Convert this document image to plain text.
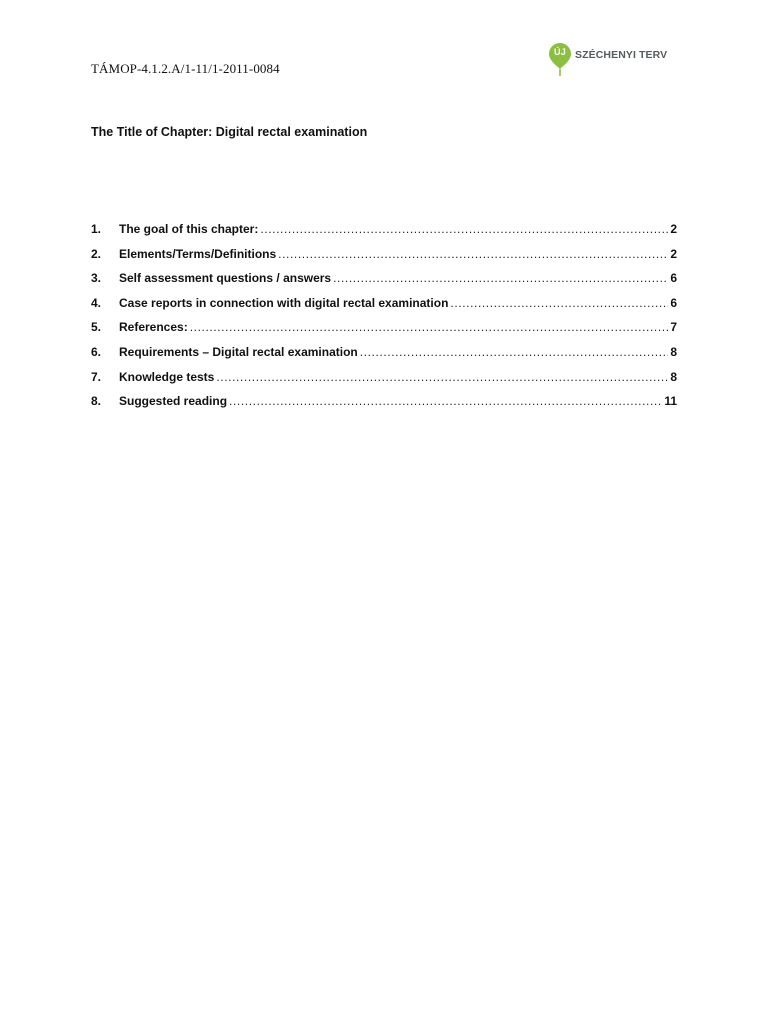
TÁMOP-4.1.2.A/1-11/1-2011-0084
ÚJ SZÉCHENYI TERV
The Title of Chapter: Digital rectal examination
1.	The goal of this chapter: .....	2
2.	Elements/Terms/Definitions .....	2
3.	Self assessment questions / answers .....	6
4.	Case reports in connection with digital rectal examination .....	6
5.	References: .....	7
6.	Requirements – Digital rectal examination .....	8
7.	Knowledge tests .....	8
8.	Suggested reading .....	11
